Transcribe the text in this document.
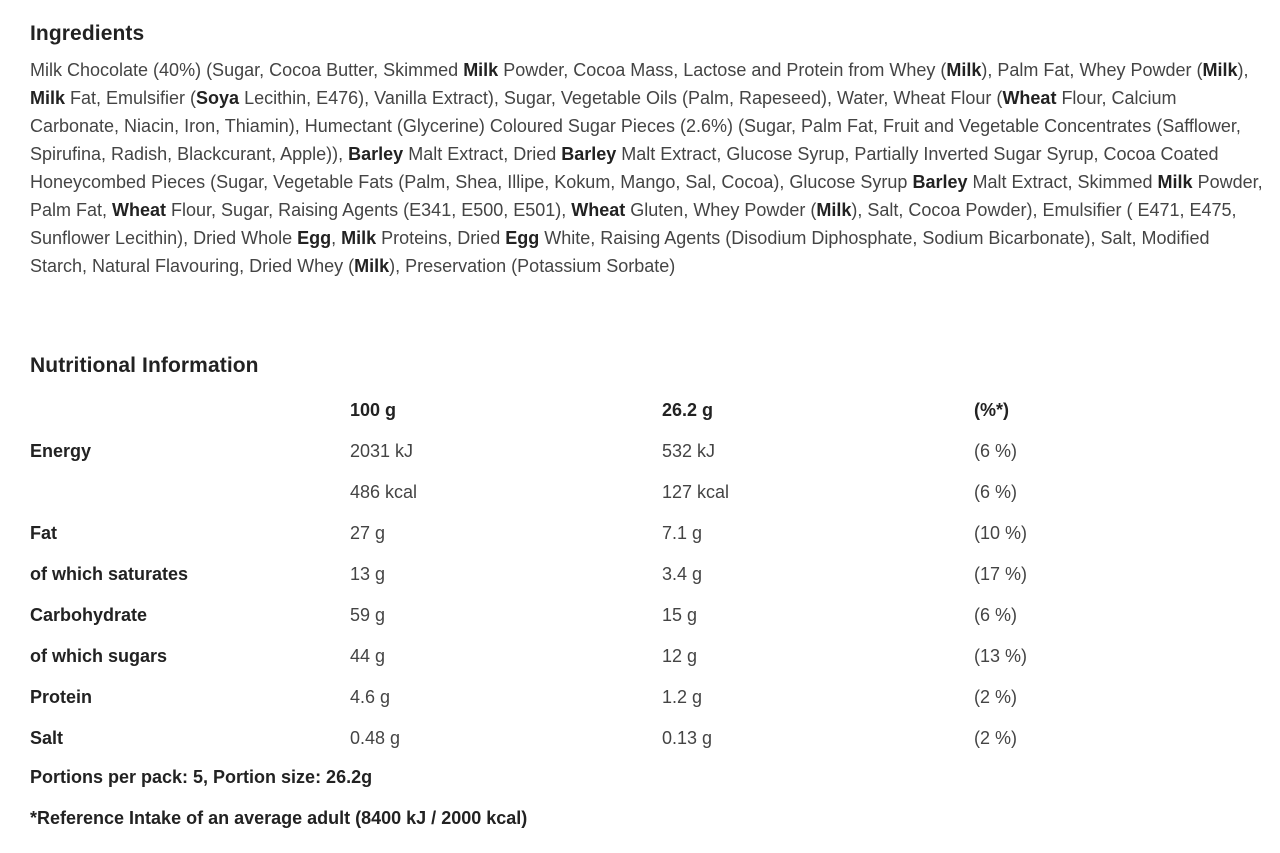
Ingredients
Milk Chocolate (40%) (Sugar, Cocoa Butter, Skimmed Milk Powder, Cocoa Mass, Lactose and Protein from Whey (Milk), Palm Fat, Whey Powder (Milk), Milk Fat, Emulsifier (Soya Lecithin, E476), Vanilla Extract), Sugar, Vegetable Oils (Palm, Rapeseed), Water, Wheat Flour (Wheat Flour, Calcium Carbonate, Niacin, Iron, Thiamin), Humectant (Glycerine) Coloured Sugar Pieces (2.6%) (Sugar, Palm Fat, Fruit and Vegetable Concentrates (Safflower, Spirufina, Radish, Blackcurant, Apple)), Barley Malt Extract, Dried Barley Malt Extract, Glucose Syrup, Partially Inverted Sugar Syrup, Cocoa Coated Honeycombed Pieces (Sugar, Vegetable Fats (Palm, Shea, Illipe, Kokum, Mango, Sal, Cocoa), Glucose Syrup Barley Malt Extract, Skimmed Milk Powder, Palm Fat, Wheat Flour, Sugar, Raising Agents (E341, E500, E501), Wheat Gluten, Whey Powder (Milk), Salt, Cocoa Powder), Emulsifier ( E471, E475, Sunflower Lecithin), Dried Whole Egg, Milk Proteins, Dried Egg White, Raising Agents (Disodium Diphosphate, Sodium Bicarbonate), Salt, Modified Starch, Natural Flavouring, Dried Whey (Milk), Preservation (Potassium Sorbate)
Nutritional Information
	100 g	26.2 g	(%*)
Energy	2031 kJ	532 kJ	(6 %)
	486 kcal	127 kcal	(6 %)
Fat	27 g	7.1 g	(10 %)
of which saturates	13 g	3.4 g	(17 %)
Carbohydrate	59 g	15 g	(6 %)
of which sugars	44 g	12 g	(13 %)
Protein	4.6 g	1.2 g	(2 %)
Salt	0.48 g	0.13 g	(2 %)
Portions per pack: 5, Portion size: 26.2g
*Reference Intake of an average adult (8400 kJ / 2000 kcal)
